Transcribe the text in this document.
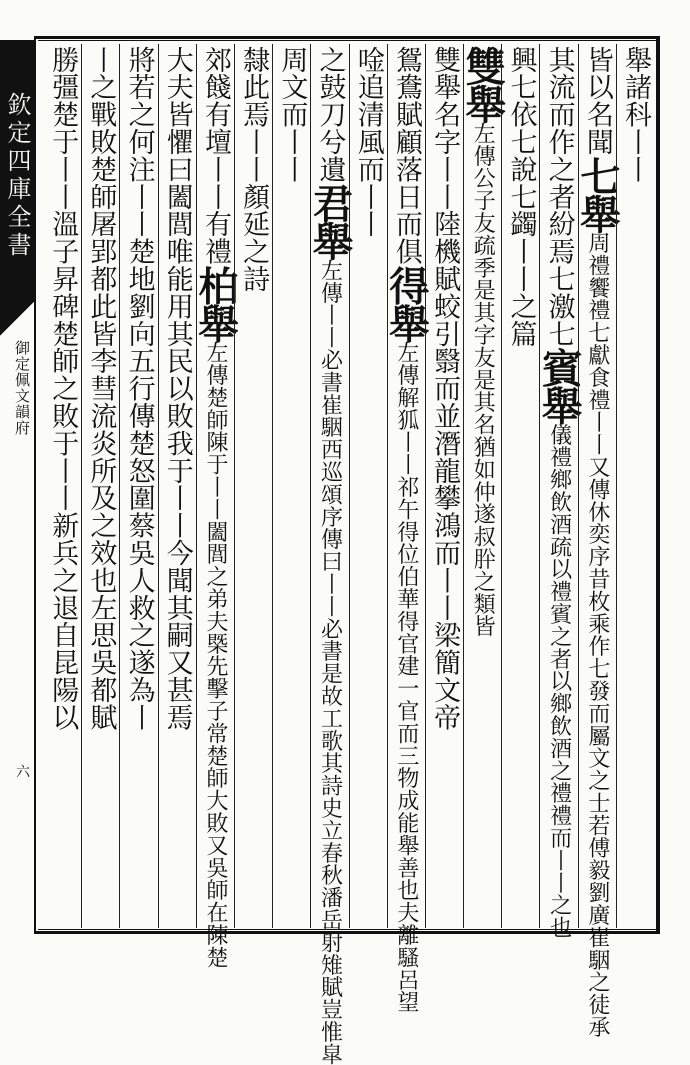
欽定四庫全書
御定佩文韻府
六
舉諸科丨丨
皆以名聞七舉周禮饗禮七獻食禮丨丨又傳休奕序昔枚乘作七發而屬文之士若傅毅劉廣崔駰之徒承
其流而作之者紛焉七激七賓舉儀禮鄉飲酒疏以禮賓之者以鄉飲酒之禮禮而丨丨之也
興七依七說七蠲丨丨之篇
雙舉左傳公子友疏季是其字友是其名猶如仲遂叔肸之類皆
雙舉名字丨丨陸機賦蛟引翳而並潛龍攀鴻而丨丨梁簡文帝
鴛鴦賦顧落日而俱得舉左傳解狐丨丨祁午得位伯華得官建一官而三物成能舉善也夫離騷呂望
唫追清風而丨丨
之鼓刀兮遺君舉左傳丨丨必書崔駰西巡頌序傳曰丨丨必書是故工歌其詩史立春秋潘岳射雉賦豈惟皐
周文而丨丨
隸此焉丨丨顏延之詩
郊餞有壇丨丨有禮柏舉左傳楚師陳于丨丨闔閭之弟夫槩先擊子常楚師大敗又吳師在陳楚
大夫皆懼曰闔閭唯能用其民以敗我于丨丨今聞其嗣又甚焉
將若之何注丨丨楚地劉向五行傳楚怒圍蔡吳人救之遂為丨
丨之戰敗楚師屠郢都此皆李彗流炎所及之效也左思吳都賦
勝彊楚于丨丨溫子昇碑楚師之敗于丨丨新兵之退自昆陽以
